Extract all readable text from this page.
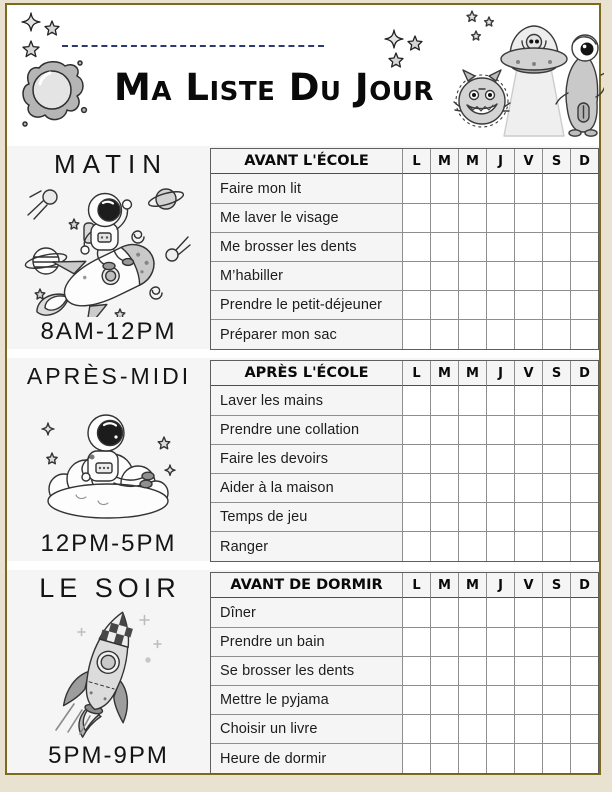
Ma Liste Du Jour
MATIN
8AM-12PM
AVANT L'ÉCOLE	L	M	M	J	V	S	D
Faire mon lit
Me laver le visage
Me brosser les dents
M’habiller
Prendre le petit-déjeuner
Préparer mon sac
APRÈS-MIDI
12PM-5PM
APRÈS L'ÉCOLE	L	M	M	J	V	S	D
Laver les mains
Prendre une collation
Faire les devoirs
Aider à la maison
Temps de jeu
Ranger
LE SOIR
5PM-9PM
AVANT DE DORMIR	L	M	M	J	V	S	D
Dîner
Prendre un bain
Se brosser les dents
Mettre le pyjama
Choisir un livre
Heure de dormir
